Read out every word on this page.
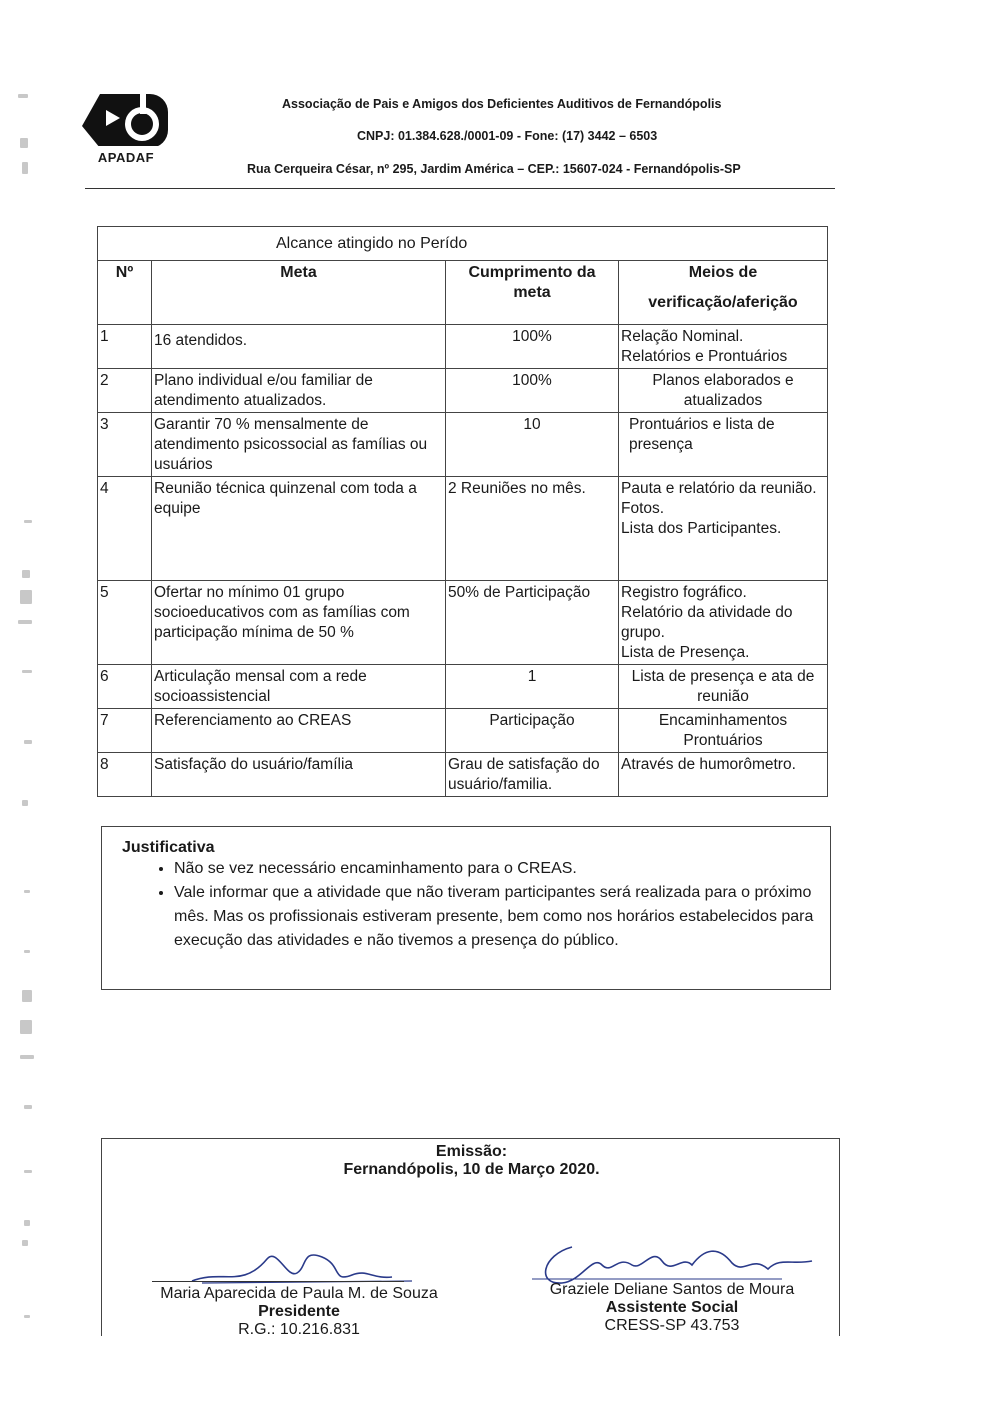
APADAF
Associação de Pais e Amigos dos Deficientes Auditivos de Fernandópolis
CNPJ: 01.384.628./0001-09 - Fone: (17) 3442 – 6503
Rua Cerqueira César, nº 295, Jardim América – CEP.: 15607-024 - Fernandópolis-SP
Alcance atingido no Perído			
Nº	Meta	Cumprimento da meta	Meios de
verificação/aferição

1	16 atendidos.	100%	Relação Nominal.
Relatórios e Prontuários
2	Plano individual e/ou familiar de atendimento atualizados.	100%	Planos elaborados e atualizados
3	Garantir 70 % mensalmente de atendimento psicossocial as famílias ou usuários	10	Prontuários e lista de presença
4	Reunião técnica quinzenal com toda a equipe	2 Reuniões no mês.	Pauta e relatório da reunião.
Fotos.
Lista dos Participantes.
5	Ofertar no mínimo 01 grupo socioeducativos com as famílias com participação mínima de 50 %	50% de Participação	Registro fográfico.
Relatório da atividade do grupo.
Lista de Presença.
6	Articulação mensal com a rede socioassistencial	1	Lista de presença e ata de reunião
7	Referenciamento ao CREAS	Participação	Encaminhamentos
Prontuários
8	Satisfação do usuário/família	Grau de satisfação do usuário/familia.	Através de humorômetro.
Justificativa
• Não se vez necessário encaminhamento para o CREAS.
• Vale informar que a atividade que não tiveram participantes será realizada para o próximo mês. Mas os profissionais estiveram presente, bem como nos horários estabelecidos para execução das atividades e não tivemos a presença do público.
Emissão:
Fernandópolis, 10 de Março 2020.
Maria Aparecida de Paula M. de Souza
Presidente
R.G.: 10.216.831
Graziele Deliane Santos de Moura
Assistente Social
CRESS-SP 43.753
